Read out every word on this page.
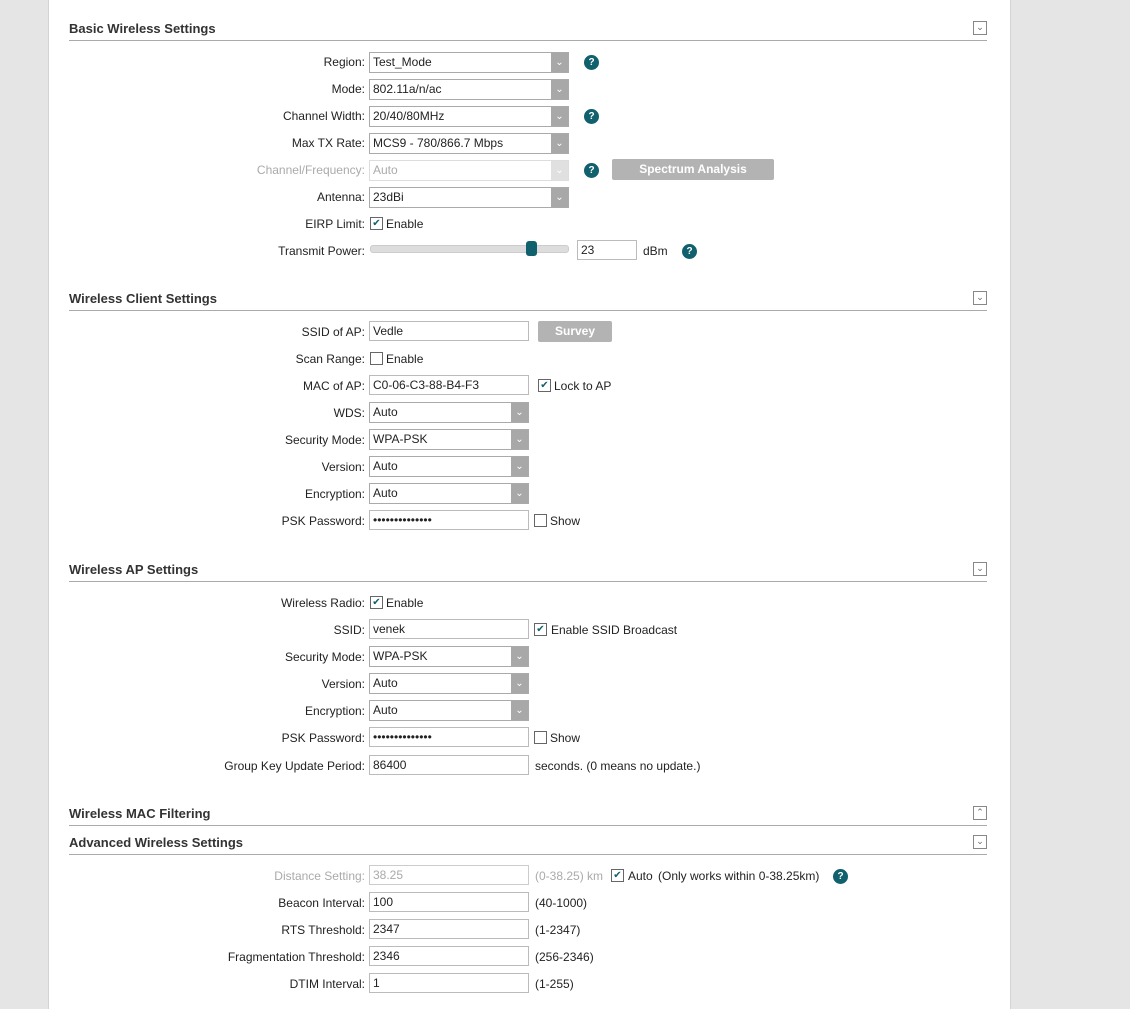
Basic Wireless Settings	⌄
Region: Test_Mode	⌄	?
Mode: 802.11a/n/ac	⌄
Channel Width: 20/40/80MHz	⌄	?
Max TX Rate: MCS9 - 780/866.7 Mbps	⌄
Channel/Frequency: Auto	⌄	?	Spectrum Analysis
Antenna: 23dBi	⌄
EIRP Limit: ✔ Enable
Transmit Power:	23	dBm	?
Wireless Client Settings	⌄
SSID of AP: Vedle	Survey
Scan Range: Enable
MAC of AP: C0-06-C3-88-B4-F3	✔ Lock to AP
WDS: Auto	⌄
Security Mode: WPA-PSK	⌄
Version: Auto	⌄
Encryption: Auto	⌄
PSK Password: ••••••••••••••	Show
Wireless AP Settings	⌄
Wireless Radio: ✔ Enable
SSID: venek	✔ Enable SSID Broadcast
Security Mode: WPA-PSK	⌄
Version: Auto	⌄
Encryption: Auto	⌄
PSK Password: ••••••••••••••	Show
Group Key Update Period: 86400	seconds. (0 means no update.)
Wireless MAC Filtering	⌃
Advanced Wireless Settings	⌄
Distance Setting: 38.25	(0-38.25) km ✔ Auto (Only works within 0-38.25km)	?
Beacon Interval: 100	(40-1000)
RTS Threshold: 2347	(1-2347)
Fragmentation Threshold: 2346	(256-2346)
DTIM Interval: 1	(1-255)
